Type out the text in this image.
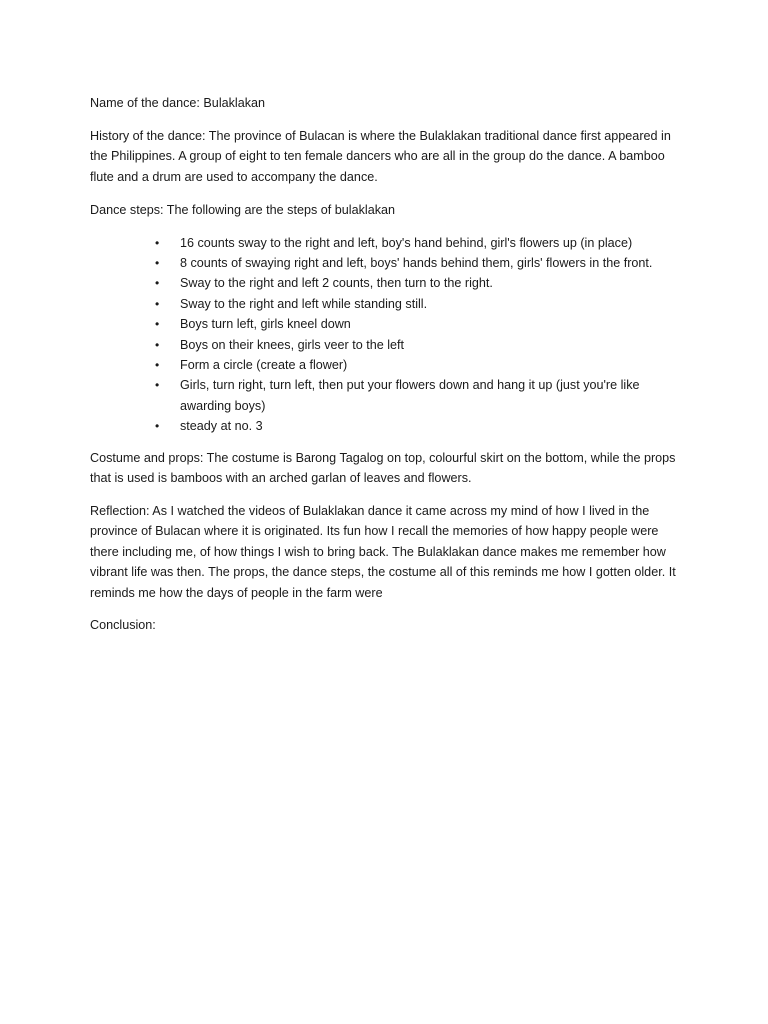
Name of the dance: Bulaklakan

History of the dance: The province of Bulacan is where the Bulaklakan traditional dance first appeared in the Philippines. A group of eight to ten female dancers who are all in the group do the dance. A bamboo flute and a drum are used to accompany the dance.

Dance steps: The following are the steps of bulaklakan

• 16 counts sway to the right and left, boy's hand behind, girl's flowers up (in place)
• 8 counts of swaying right and left, boys' hands behind them, girls' flowers in the front.
• Sway to the right and left 2 counts, then turn to the right.
• Sway to the right and left while standing still.
• Boys turn left, girls kneel down
• Boys on their knees, girls veer to the left
• Form a circle (create a flower)
• Girls, turn right, turn left, then put your flowers down and hang it up (just you're like awarding boys)
• steady at no. 3

Costume and props: The costume is Barong Tagalog on top, colourful skirt on the bottom, while the props that is used is bamboos with an arched garlan of leaves and flowers.

Reflection: As I watched the videos of Bulaklakan dance it came across my mind of how I lived in the province of Bulacan where it is originated. Its fun how I recall the memories of how happy people were there including me, of how things I wish to bring back. The Bulaklakan dance makes me remember how vibrant life was then. The props, the dance steps, the costume all of this reminds me how I gotten older. It reminds me how the days of people in the farm were

Conclusion:
